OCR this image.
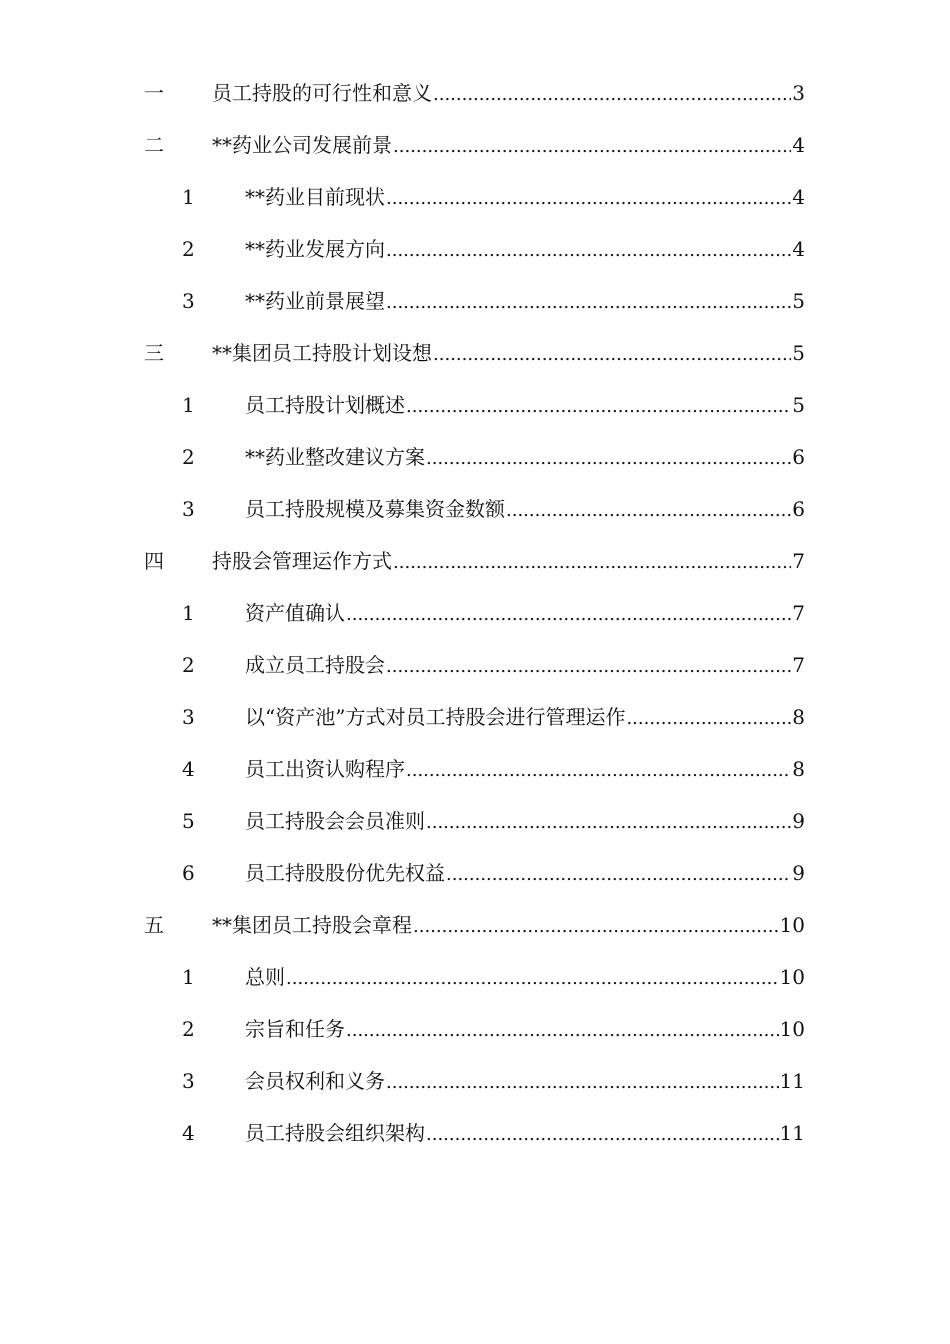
一 员工持股的可行性和意义 .....	3
二 **药业公司发展前景 .....	4
1	**药业目前现状 .....	4
2	**药业发展方向 .....	4
3	**药业前景展望 .....	5
三 **集团员工持股计划设想 .....	5
1	员工持股计划概述 .....	5
2	**药业整改建议方案 .....	6
3	员工持股规模及募集资金数额 .....	6
四 持股会管理运作方式 .....	7
1	资产值确认 .....	7
2	成立员工持股会 .....	7
3	以“资产池”方式对员工持股会进行管理运作 .....	8
4	员工出资认购程序 .....	8
5	员工持股会会员准则 .....	9
6	员工持股股份优先权益 .....	9
五 **集团员工持股会章程 .....	10
1	总则 .....	10
2	宗旨和任务 .....	10
3	会员权利和义务 .....	11
4	员工持股会组织架构 .....	11
